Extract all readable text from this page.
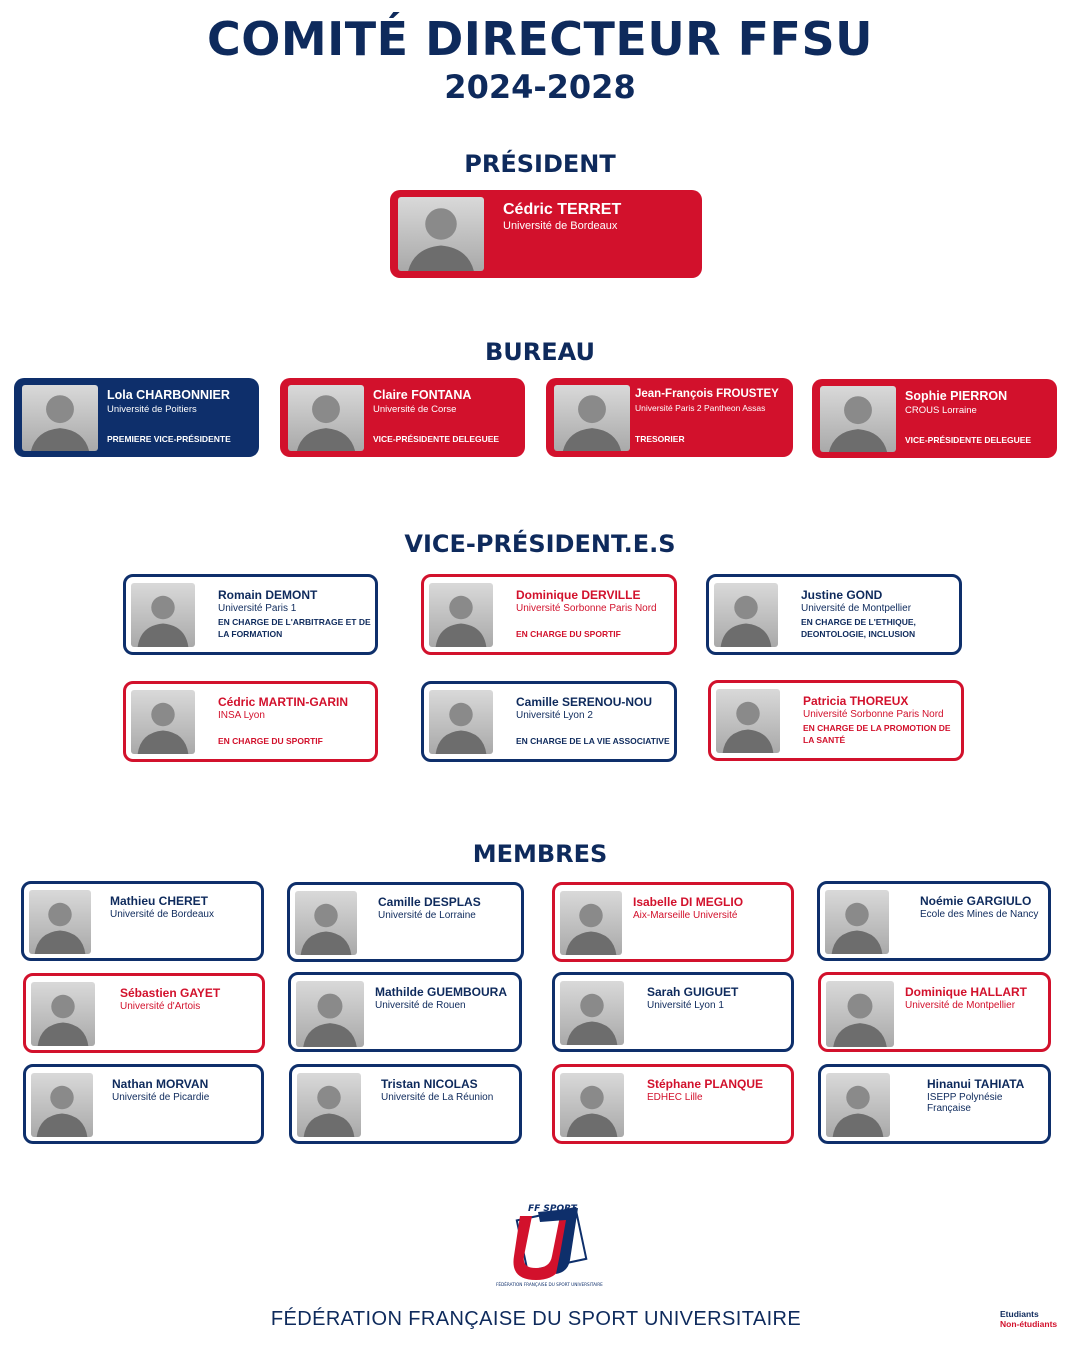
COMITÉ DIRECTEUR FFSU
2024-2028
PRÉSIDENT
BUREAU
VICE-PRÉSIDENT.E.S
MEMBRES
Cédric TERRET
Université de Bordeaux
Lola CHARBONNIER
Université de Poitiers
PREMIERE VICE-PRÉSIDENTE
Claire FONTANA
Université de Corse
VICE-PRÉSIDENTE DELEGUEE
Jean-François FROUSTEY
Université Paris 2 Pantheon Assas
TRESORIER
Sophie PIERRON
CROUS Lorraine
VICE-PRÉSIDENTE DELEGUEE
Romain DEMONT
Université Paris 1
EN CHARGE DE L'ARBITRAGE ET DE LA FORMATION
Dominique DERVILLE
Université Sorbonne Paris Nord
EN CHARGE DU SPORTIF
Justine GOND
Université de Montpellier
EN CHARGE DE L'ETHIQUE, DEONTOLOGIE, INCLUSION
Cédric MARTIN-GARIN
INSA Lyon
EN CHARGE DU SPORTIF
Camille SERENOU-NOU
Université Lyon 2
EN CHARGE DE LA VIE ASSOCIATIVE
Patricia THOREUX
Université Sorbonne Paris Nord
EN CHARGE DE LA PROMOTION DE LA SANTÉ
Mathieu CHERET
Université de Bordeaux
Camille DESPLAS
Université de Lorraine
Isabelle DI MEGLIO
Aix-Marseille Université
Noémie GARGIULO
Ecole des Mines de Nancy
Sébastien GAYET
Université d'Artois
Mathilde GUEMBOURA
Université de Rouen
Sarah GUIGUET
Université Lyon 1
Dominique HALLART
Université de Montpellier
Nathan MORVAN
Université de Picardie
Tristan NICOLAS
Université de La Réunion
Stéphane PLANQUE
EDHEC Lille
Hinanui TAHIATA
ISEPP Polynésie Française
FF SPORT
FÉDÉRATION FRANÇAISE DU SPORT UNIVERSITAIRE
FÉDÉRATION FRANÇAISE DU SPORT UNIVERSITAIRE	Etudiants
Non-étudiants
